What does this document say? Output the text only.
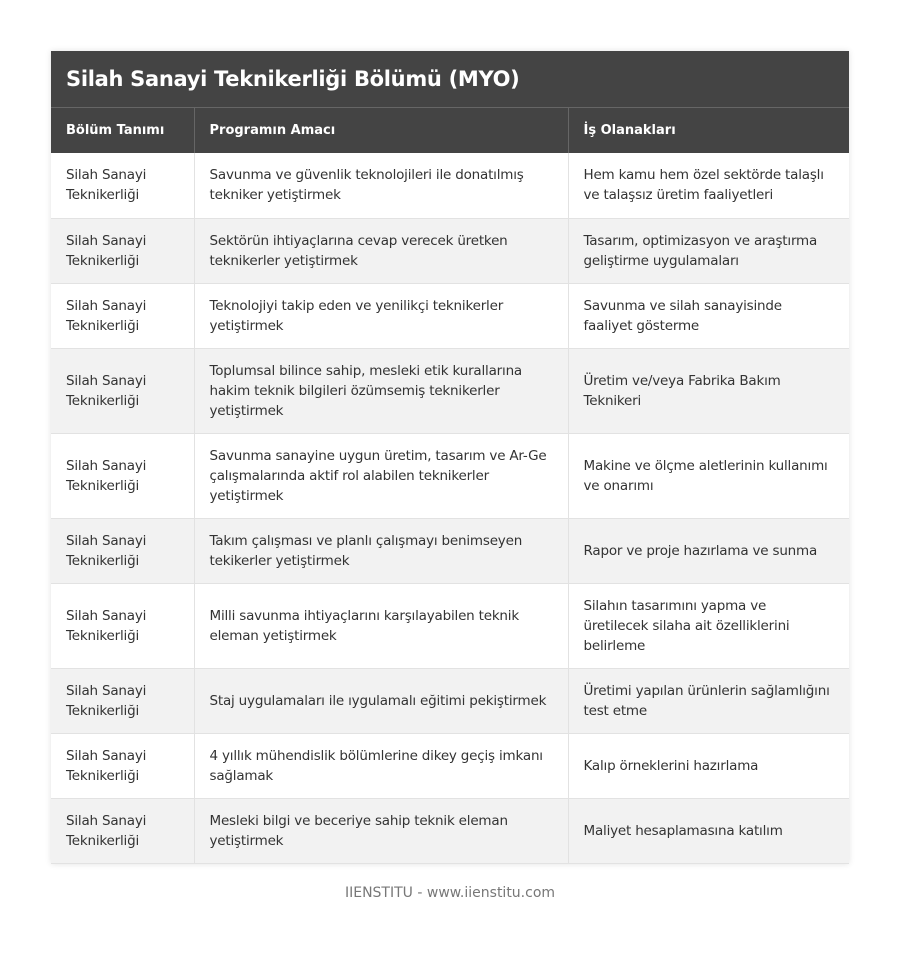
Silah Sanayi Teknikerliği Bölümü (MYO)
Bölüm Tanımı	Programın Amacı	İş Olanakları
Silah Sanayi Teknikerliği	Savunma ve güvenlik teknolojileri ile donatılmış tekniker yetiştirmek	Hem kamu hem özel sektörde talaşlı ve talaşsız üretim faaliyetleri
Silah Sanayi Teknikerliği	Sektörün ihtiyaçlarına cevap verecek üretken teknikerler yetiştirmek	Tasarım, optimizasyon ve araştırma geliştirme uygulamaları
Silah Sanayi Teknikerliği	Teknolojiyi takip eden ve yenilikçi teknikerler yetiştirmek	Savunma ve silah sanayisinde faaliyet gösterme
Silah Sanayi Teknikerliği	Toplumsal bilince sahip, mesleki etik kurallarına hakim teknik bilgileri özümsemiş teknikerler yetiştirmek	Üretim ve/veya Fabrika Bakım Teknikeri
Silah Sanayi Teknikerliği	Savunma sanayine uygun üretim, tasarım ve Ar-Ge çalışmalarında aktif rol alabilen teknikerler yetiştirmek	Makine ve ölçme aletlerinin kullanımı ve onarımı
Silah Sanayi Teknikerliği	Takım çalışması ve planlı çalışmayı benimseyen tekikerler yetiştirmek	Rapor ve proje hazırlama ve sunma
Silah Sanayi Teknikerliği	Milli savunma ihtiyaçlarını karşılayabilen teknik eleman yetiştirmek	Silahın tasarımını yapma ve üretilecek silaha ait özelliklerini belirleme
Silah Sanayi Teknikerliği	Staj uygulamaları ile ıygulamalı eğitimi pekiştirmek	Üretimi yapılan ürünlerin sağlamlığını test etme
Silah Sanayi Teknikerliği	4 yıllık mühendislik bölümlerine dikey geçiş imkanı sağlamak	Kalıp örneklerini hazırlama
Silah Sanayi Teknikerliği	Mesleki bilgi ve beceriye sahip teknik eleman yetiştirmek	Maliyet hesaplamasına katılım
IIENSTITU - www.iienstitu.com
